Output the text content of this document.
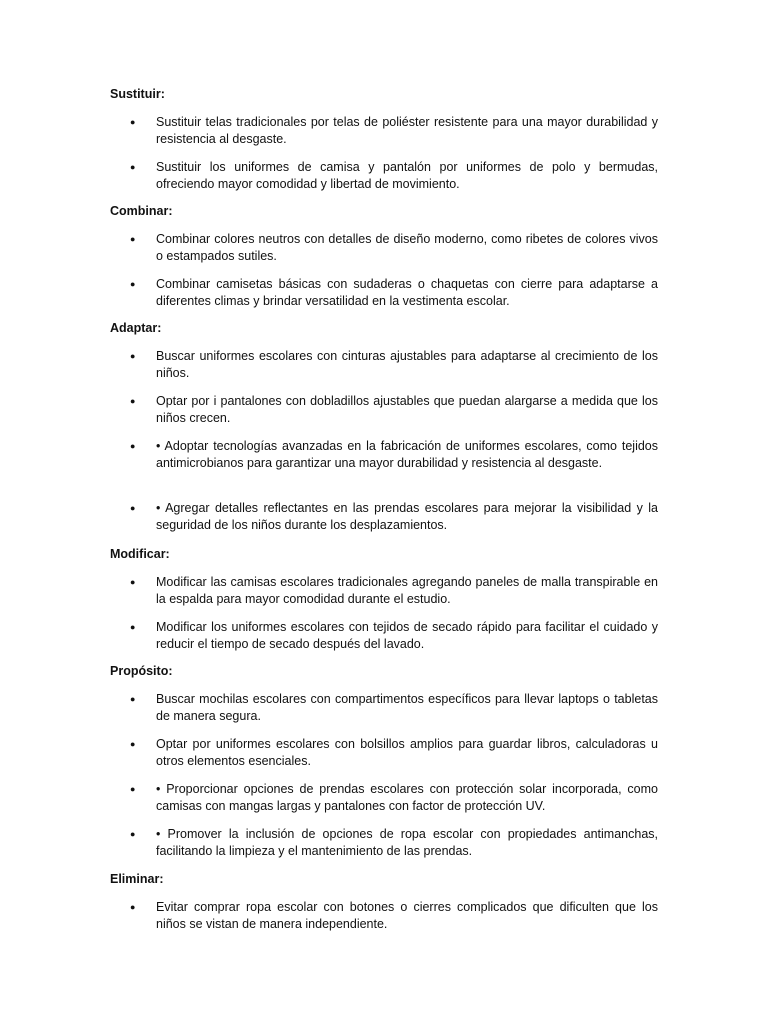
Sustituir:
● Sustituir telas tradicionales por telas de poliéster resistente para una mayor durabilidad y resistencia al desgaste.
● Sustituir los uniformes de camisa y pantalón por uniformes de polo y bermudas, ofreciendo mayor comodidad y libertad de movimiento.
Combinar:
● Combinar colores neutros con detalles de diseño moderno, como ribetes de colores vivos o estampados sutiles.
● Combinar camisetas básicas con sudaderas o chaquetas con cierre para adaptarse a diferentes climas y brindar versatilidad en la vestimenta escolar.
Adaptar:
● Buscar uniformes escolares con cinturas ajustables para adaptarse al crecimiento de los niños.
● Optar por i pantalones con dobladillos ajustables que puedan alargarse a medida que los niños crecen.
● • Adoptar tecnologías avanzadas en la fabricación de uniformes escolares, como tejidos antimicrobianos para garantizar una mayor durabilidad y resistencia al desgaste.
● • Agregar detalles reflectantes en las prendas escolares para mejorar la visibilidad y la seguridad de los niños durante los desplazamientos.
Modificar:
● Modificar las camisas escolares tradicionales agregando paneles de malla transpirable en la espalda para mayor comodidad durante el estudio.
● Modificar los uniformes escolares con tejidos de secado rápido para facilitar el cuidado y reducir el tiempo de secado después del lavado.
Propósito:
● Buscar mochilas escolares con compartimentos específicos para llevar laptops o tabletas de manera segura.
● Optar por uniformes escolares con bolsillos amplios para guardar libros, calculadoras u otros elementos esenciales.
● • Proporcionar opciones de prendas escolares con protección solar incorporada, como camisas con mangas largas y pantalones con factor de protección UV.
● • Promover la inclusión de opciones de ropa escolar con propiedades antimanchas, facilitando la limpieza y el mantenimiento de las prendas.
Eliminar:
● Evitar comprar ropa escolar con botones o cierres complicados que dificulten que los niños se vistan de manera independiente.
